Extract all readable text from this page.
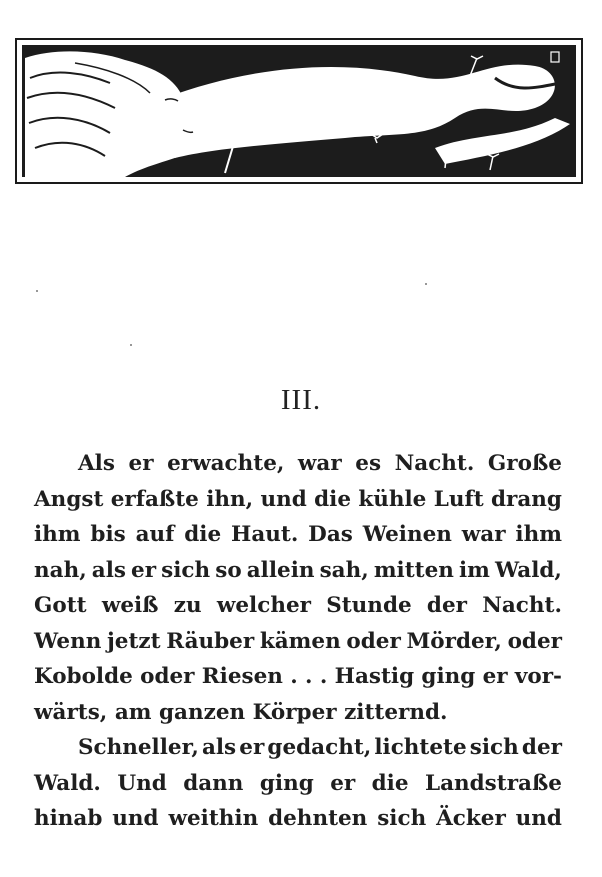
III.
Als er erwachte, war es Nacht. Große
Angst erfaßte ihn, und die kühle Luft drang
ihm bis auf die Haut. Das Weinen war ihm
nah, als er sich so allein sah, mitten im Wald,
Gott weiß zu welcher Stunde der Nacht.
Wenn jetzt Räuber kämen oder Mörder, oder
Kobolde oder Riesen . . . Hastig ging er vor-
wärts, am ganzen Körper zitternd.
Schneller, als er gedacht, lichtete sich der
Wald. Und dann ging er die Landstraße
hinab und weithin dehnten sich Äcker und
